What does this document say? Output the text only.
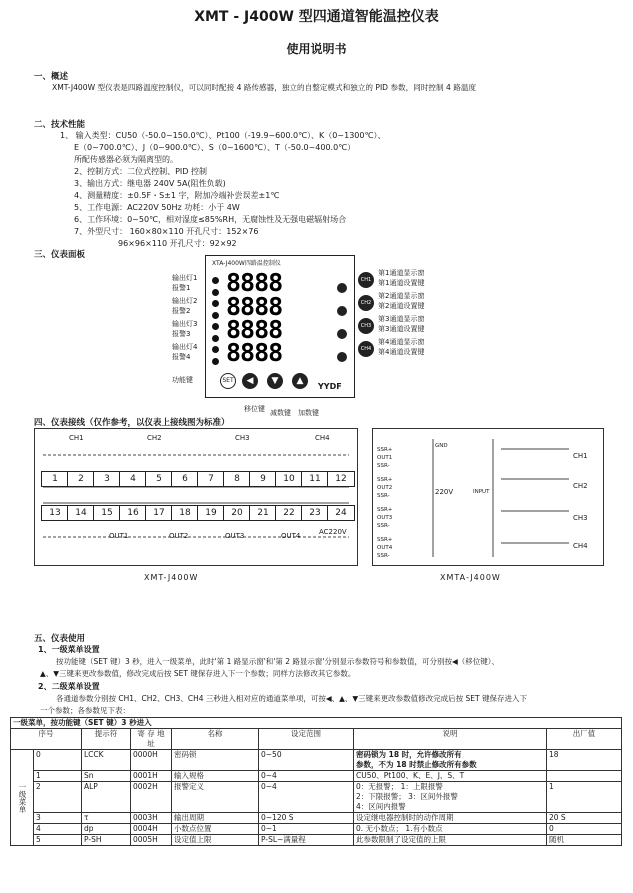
XMT - J400W 型四通道智能温控仪表
使用说明书
一、概述
XMT-J400W 型仪表是四路温度控制仪，可以同时配接 4 路传感器，独立的自整定模式和独立的 PID 参数，同时控制 4 路温度
二、技术性能
1、 输入类型：CU50（-50.0~150.0℃）、Pt100（-19.9~600.0℃）、K（0~1300℃）、
E（0~700.0℃）、J（0~900.0℃）、S（0~1600℃）、T（-50.0~400.0℃）
所配传感器必须为隔离型的。
2、控制方式：二位式控制、PID 控制
3、输出方式：继电器 240V 5A(阻性负载)
4、测量精度：±0.5F・S±1 字，附加冷端补尝误差±1℃
5、工作电源：AC220V 50Hz 功耗：小于 4W
6、工作环境：0~50℃，相对湿度≤85%RH，无腐蚀性及无强电磁辐射场合
7、外型尺寸： 160×80×110 开孔尺寸：152×76
96×96×110 开孔尺寸：92×92
三、仪表面板
XTA-J400W四路温控制仪
8888
8888
8888
8888
SET	◀	▼	▲
YYDF
输出灯1
报警1
输出灯2
报警2
输出灯3
报警3
输出灯4
报警4
功能键
CH1
CH2
CH3
CH4
第1通道显示窗
第1通道设置键
第2通道显示窗
第2通道设置键
第3通道显示窗
第3通道设置键
第4通道显示窗
第4通道设置键
移位键 减数键 加数键
四、仪表接线（仅作参考，以仪表上接线图为标准）
CH1	CH2	CH3	CH4
1	2	3	4	5	6	7	8	9	10	11	12
13	14	15	16	17	18	19	20	21	22	23	24
OUT1	OUT2	OUT3	OUT4	AC220V
XMT-J400W
SSR+
OUT1
SSR-
SSR+
OUT2
SSR-
SSR+
OUT3
SSR-
SSR+
OUT4
SSR-
GND
220V	INPUT
CH1
CH2
CH3
CH4
XMTA-J400W
五、仪表使用
1、一级菜单设置
按功能键（SET 键）3 秒，进入一级菜单，此时'第 1 路显示窗'和'第 2 路显示窗'分别显示参数符号和参数值，可分别按◀（移位键）、
▲、▼三键来更改参数值，修改完成后按 SET 键保存进入下一个参数；同样方法修改其它参数。
2、二级菜单设置
各通道参数分别按 CH1、CH2、CH3、CH4 三秒进入相对应的通道菜单项，可按◀、▲、▼三键来更改参数值修改完成后按 SET 键保存进入下
一个参数；各参数见下表：
一级菜单，按功能键（SET 键）3 秒进入							
序号		提示符	寄 存 地 址	名称	设定范围	说明	出厂值
一级菜单	0	LCCK	0000H	密码锁	0~50	密码锁为 18 时，允许修改所有
参数，不为 18 时禁止修改所有参数	18
	1	Sn	0001H	输入规格	0~4	CU50、Pt100、K、E、J、S、T	

	2	ALP	0002H	报警定义	0~4	0：无报警； 1：上限报警
2：下限报警； 3：区间外报警
4：区间内报警	1
	3	τ	0003H	输出周期	0~120 S	设定继电器控制时的动作周期	20 S
	4	dp	0004H	小数点位置	0~1	0. 无小数点； 1.有小数点	0
	5	P-SH	0005H	设定值上限	P-SL~满量程	此参数限制了设定值的上限	随机
